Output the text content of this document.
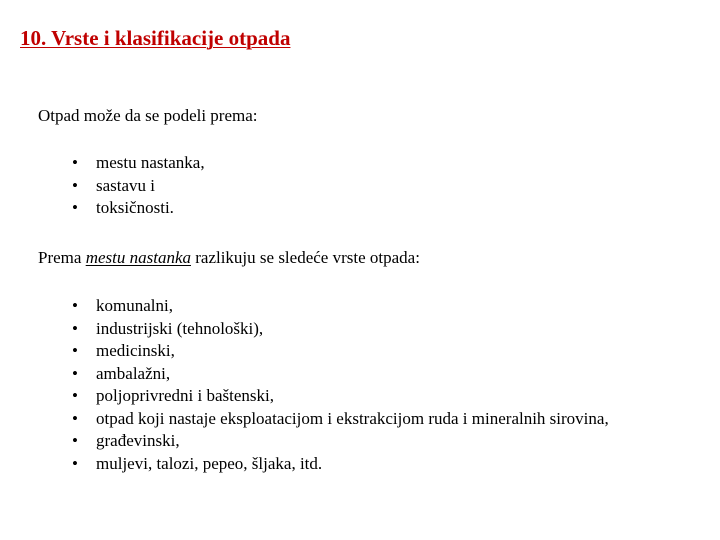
10. Vrste i klasifikacije otpada
Otpad može da se podeli prema:
• mestu nastanka,
• sastavu i
• toksičnosti.
Prema mestu nastanka razlikuju se sledeće vrste otpada:
• komunalni,
• industrijski (tehnološki),
• medicinski,
• ambalažni,
• poljoprivredni i baštenski,
• otpad koji nastaje eksploatacijom i ekstrakcijom ruda i mineralnih sirovina,
• građevinski,
• muljevi, talozi, pepeo, šljaka, itd.
